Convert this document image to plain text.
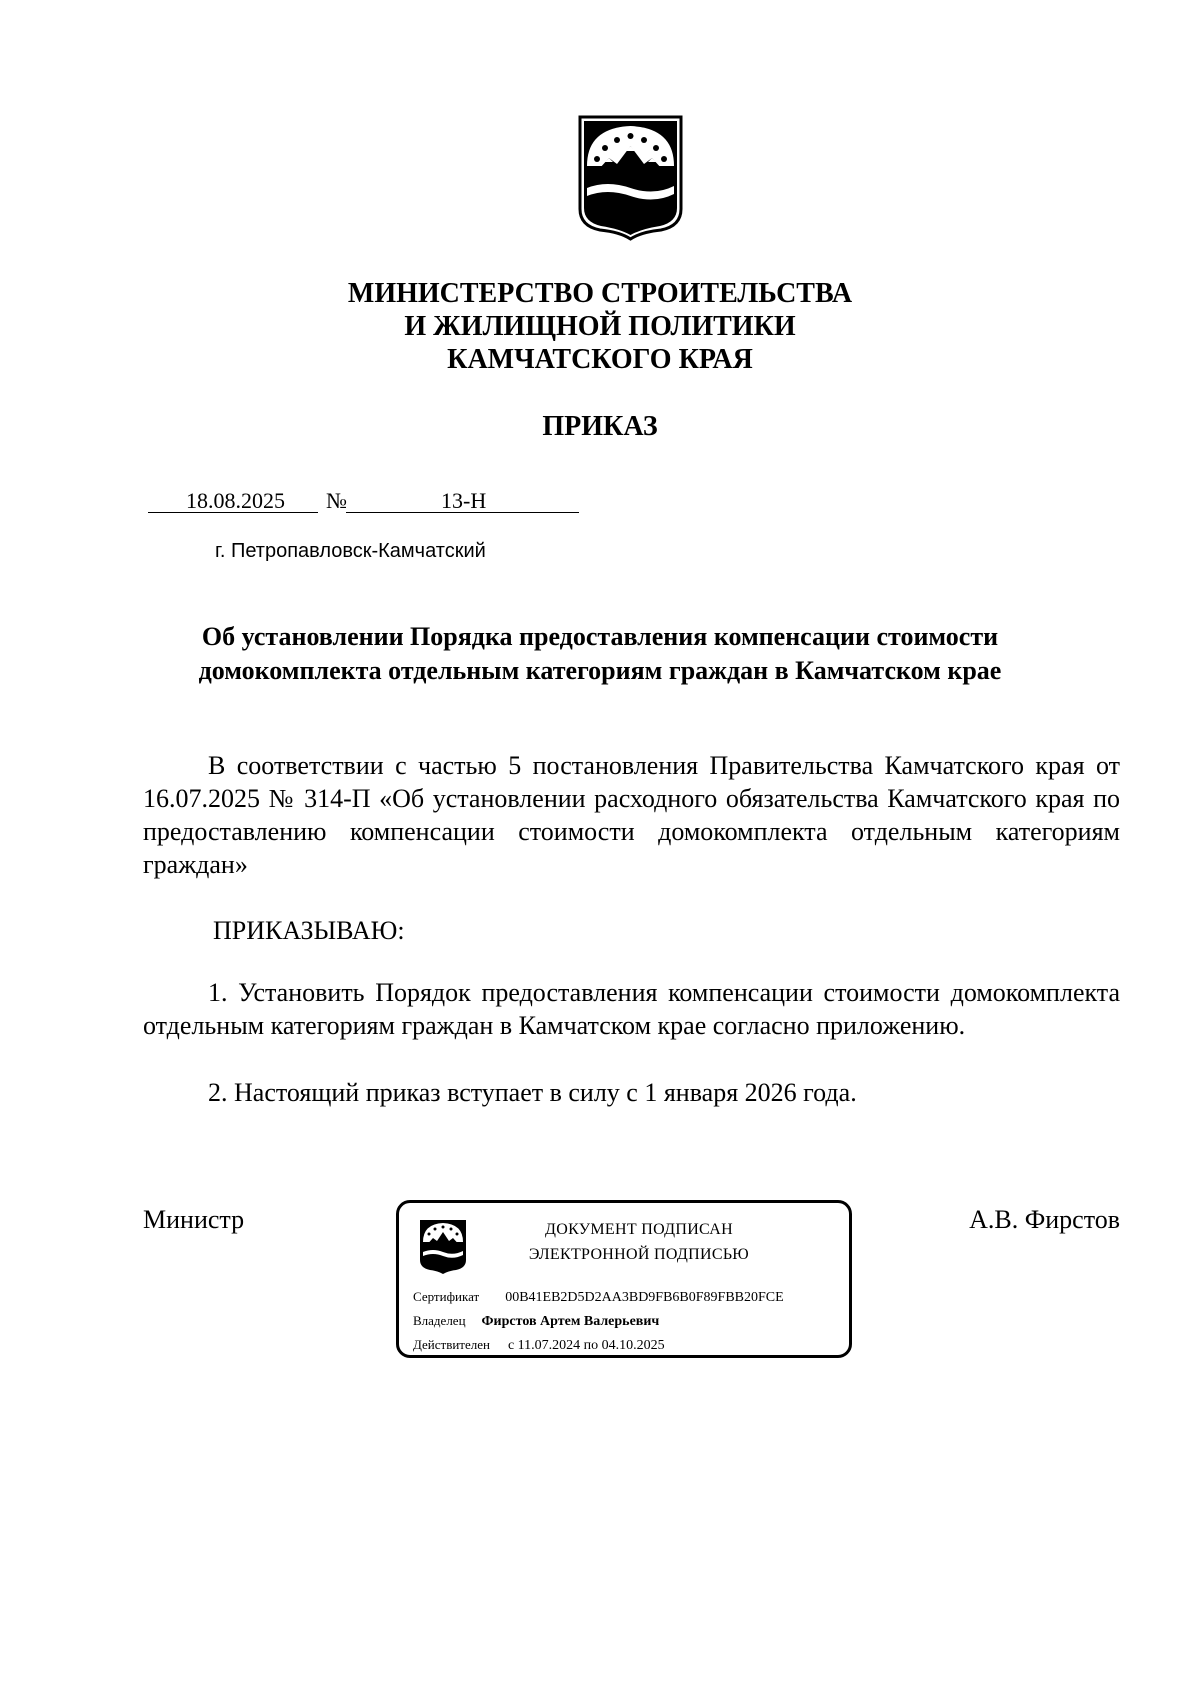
МИНИСТЕРСТВО СТРОИТЕЛЬСТВА
И ЖИЛИЩНОЙ ПОЛИТИКИ
КАМЧАТСКОГО КРАЯ
ПРИКАЗ
18.08.2025 №	13-Н
г. Петропавловск-Камчатский
Об установлении Порядка предоставления компенсации стоимости
домокомплекта отдельным категориям граждан в Камчатском крае
В соответствии с частью 5 постановления Правительства Камчатского края от 16.07.2025 № 314-П «Об установлении расходного обязательства Камчатского края по предоставлению компенсации стоимости домокомплекта отдельным категориям граждан»
ПРИКАЗЫВАЮ:
1. Установить Порядок предоставления компенсации стоимости домокомплекта отдельным категориям граждан в Камчатском крае согласно приложению.
2. Настоящий приказ вступает в силу с 1 января 2026 года.
Министр	А.В. Фирстов
ДОКУМЕНТ ПОДПИСАН
ЭЛЕКТРОННОЙ ПОДПИСЬЮ
Сертификат 00B41EB2D5D2AA3BD9FB6B0F89FBB20FCE
Владелец Фирстов Артем Валерьевич
Действителен с 11.07.2024 по 04.10.2025
